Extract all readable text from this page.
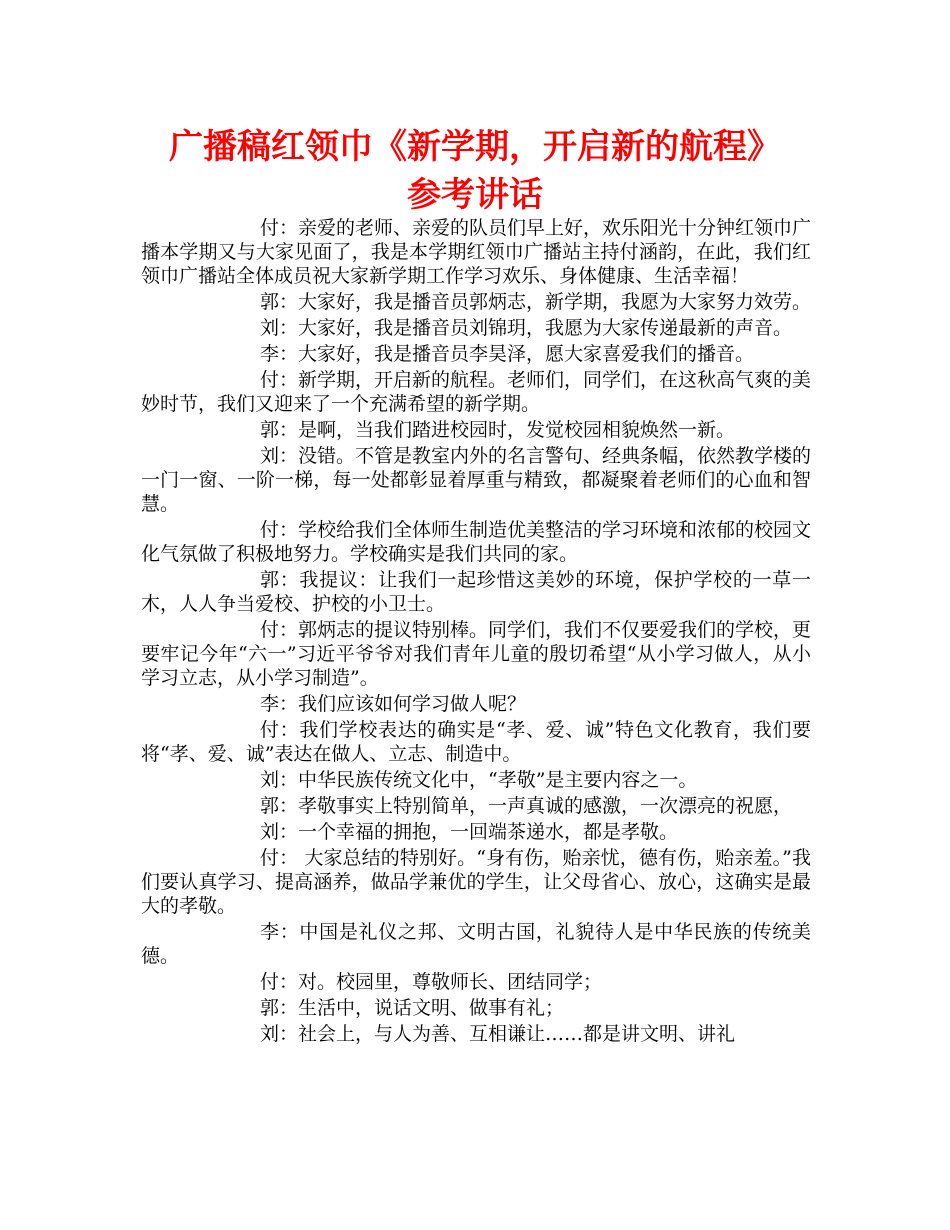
广播稿红领巾《新学期，开启新的航程》
参考讲话

付：亲爱的老师、亲爱的队员们早上好，欢乐阳光十分钟红领巾广播本学期又与大家见面了，我是本学期红领巾广播站主持付涵韵，在此，我们红领巾广播站全体成员祝大家新学期工作学习欢乐、身体健康、生活幸福！

郭：大家好，我是播音员郭炳志，新学期，我愿为大家努力效劳。

刘：大家好，我是播音员刘锦玥，我愿为大家传递最新的声音。

李：大家好，我是播音员李昊泽，愿大家喜爱我们的播音。

付：新学期，开启新的航程。老师们，同学们，在这秋高气爽的美妙时节，我们又迎来了一个充满希望的新学期。

郭：是啊，当我们踏进校园时，发觉校园相貌焕然一新。

刘：没错。不管是教室内外的名言警句、经典条幅，依然教学楼的一门一窗、一阶一梯，每一处都彰显着厚重与精致，都凝聚着老师们的心血和智慧。

付：学校给我们全体师生制造优美整洁的学习环境和浓郁的校园文化气氛做了积极地努力。学校确实是我们共同的家。

郭：我提议：让我们一起珍惜这美妙的环境，保护学校的一草一木，人人争当爱校、护校的小卫士。

付：郭炳志的提议特别棒。同学们，我们不仅要爱我们的学校，更要牢记今年“六一”习近平爷爷对我们青年儿童的殷切希望“从小学习做人，从小学习立志，从小学习制造”。

李：我们应该如何学习做人呢？

付：我们学校表达的确实是“孝、爱、诚”特色文化教育，我们要将“孝、爱、诚”表达在做人、立志、制造中。

刘：中华民族传统文化中，“孝敬”是主要内容之一。

郭：孝敬事实上特别简单，一声真诚的感激，一次漂亮的祝愿，

刘：一个幸福的拥抱，一回端茶递水，都是孝敬。

付： 大家总结的特别好。“身有伤，贻亲忧，德有伤，贻亲羞。”我们要认真学习、提高涵养，做品学兼优的学生，让父母省心、放心，这确实是最大的孝敬。

李：中国是礼仪之邦、文明古国，礼貌待人是中华民族的传统美德。

付：对。校园里，尊敬师长、团结同学；

郭：生活中，说话文明、做事有礼；

刘：社会上，与人为善、互相谦让……都是讲文明、讲礼
